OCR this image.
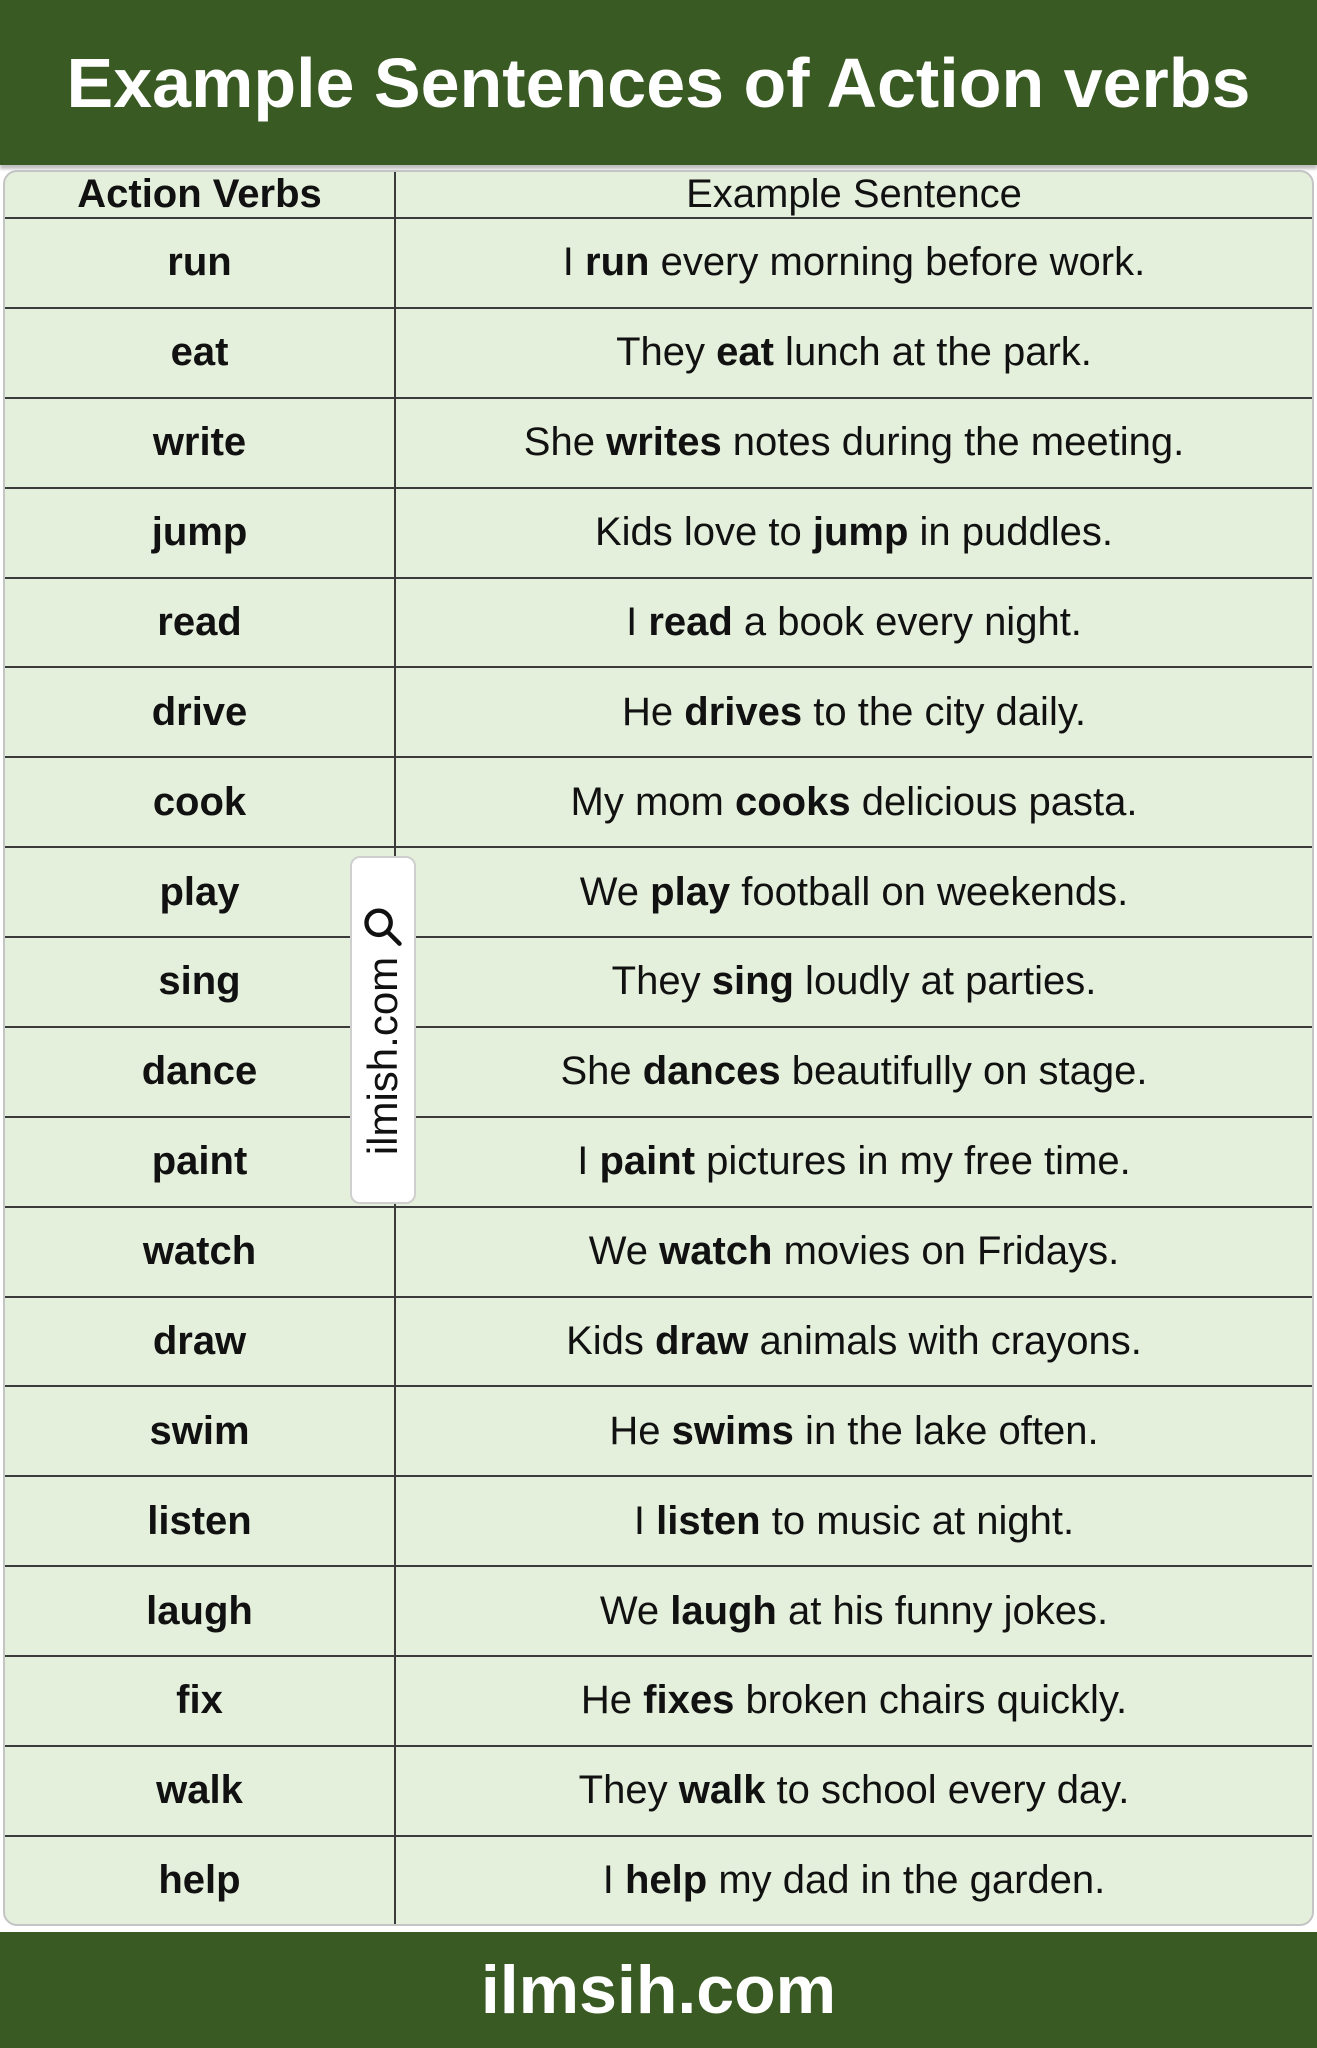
Example Sentences of Action verbs
Action Verbs	Example Sentence
run	I run every morning before work.
eat	They eat lunch at the park.
write	She writes notes during the meeting.
jump	Kids love to jump in puddles.
read	I read a book every night.
drive	He drives to the city daily.
cook	My mom cooks delicious pasta.
play	We play football on weekends.
sing	They sing loudly at parties.
dance	She dances beautifully on stage.
paint	I paint pictures in my free time.
watch	We watch movies on Fridays.
draw	Kids draw animals with crayons.
swim	He swims in the lake often.
listen	I listen to music at night.
laugh	We laugh at his funny jokes.
fix	He fixes broken chairs quickly.
walk	They walk to school every day.
help	I help my dad in the garden.
ilmish.com
ilmsih.com
